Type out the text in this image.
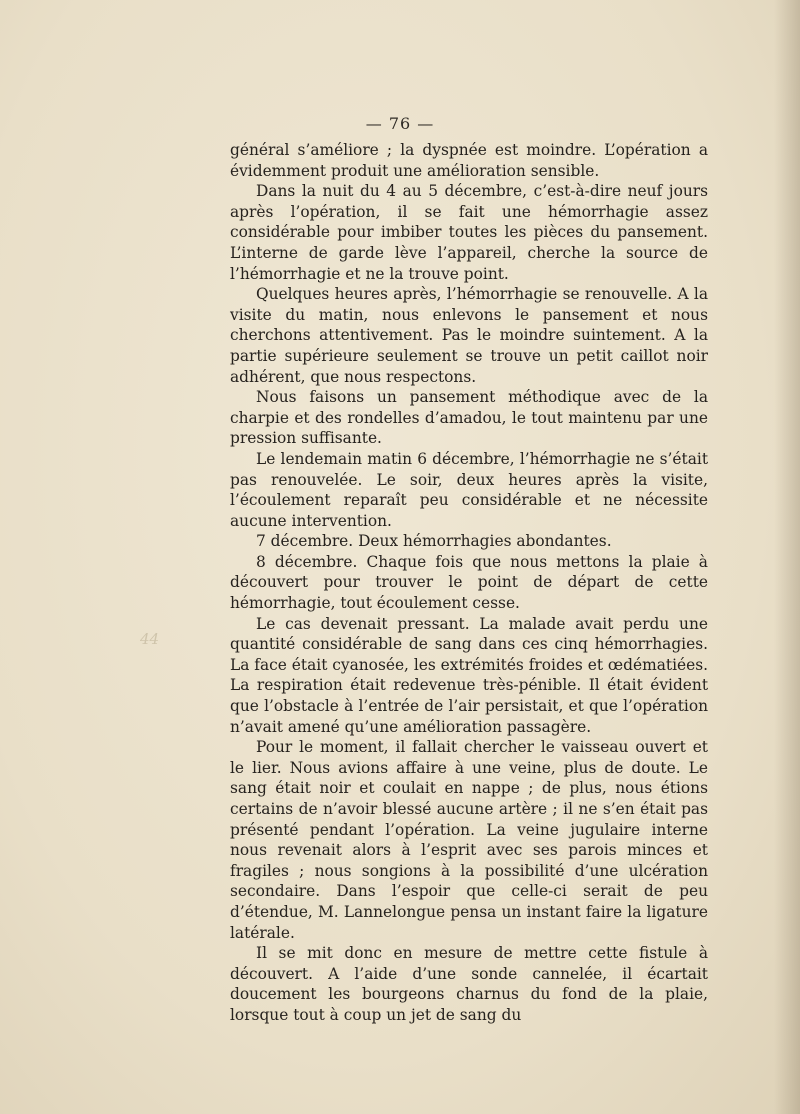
— 76 —
44

général s’améliore ; la dyspnée est moindre. L’opération a évidemment produit une amélioration sensible.

Dans la nuit du 4 au 5 décembre, c’est-à-dire neuf jours après l’opération, il se fait une hémorrhagie assez considérable pour imbiber toutes les pièces du pansement. L’interne de garde lève l’appareil, cherche la source de l’hémorrhagie et ne la trouve point.

Quelques heures après, l’hémorrhagie se renouvelle. A la visite du matin, nous enlevons le pansement et nous cherchons attentivement. Pas le moindre suintement. A la partie supérieure seulement se trouve un petit caillot noir adhérent, que nous respectons.

Nous faisons un pansement méthodique avec de la charpie et des rondelles d’amadou, le tout maintenu par une pression suffisante.

Le lendemain matin 6 décembre, l’hémorrhagie ne s’était pas renouvelée. Le soir, deux heures après la visite, l’écoulement reparaît peu considérable et ne nécessite aucune intervention.

7 décembre. Deux hémorrhagies abondantes.

8 décembre. Chaque fois que nous mettons la plaie à découvert pour trouver le point de départ de cette hémorrhagie, tout écoulement cesse.

Le cas devenait pressant. La malade avait perdu une quantité considérable de sang dans ces cinq hémorrhagies. La face était cyanosée, les extrémités froides et œdématiées. La respiration était redevenue très-pénible. Il était évident que l’obstacle à l’entrée de l’air persistait, et que l’opération n’avait amené qu’une amélioration passagère.

Pour le moment, il fallait chercher le vaisseau ouvert et le lier. Nous avions affaire à une veine, plus de doute. Le sang était noir et coulait en nappe ; de plus, nous étions certains de n’avoir blessé aucune artère ; il ne s’en était pas présenté pendant l’opération. La veine jugulaire interne nous revenait alors à l’esprit avec ses parois minces et fragiles ; nous songions à la possibilité d’une ulcération secondaire. Dans l’espoir que celle-ci serait de peu d’étendue, M. Lannelongue pensa un instant faire la ligature latérale.

Il se mit donc en mesure de mettre cette fistule à découvert. A l’aide d’une sonde cannelée, il écartait doucement les bourgeons charnus du fond de la plaie, lorsque tout à coup un jet de sang du
